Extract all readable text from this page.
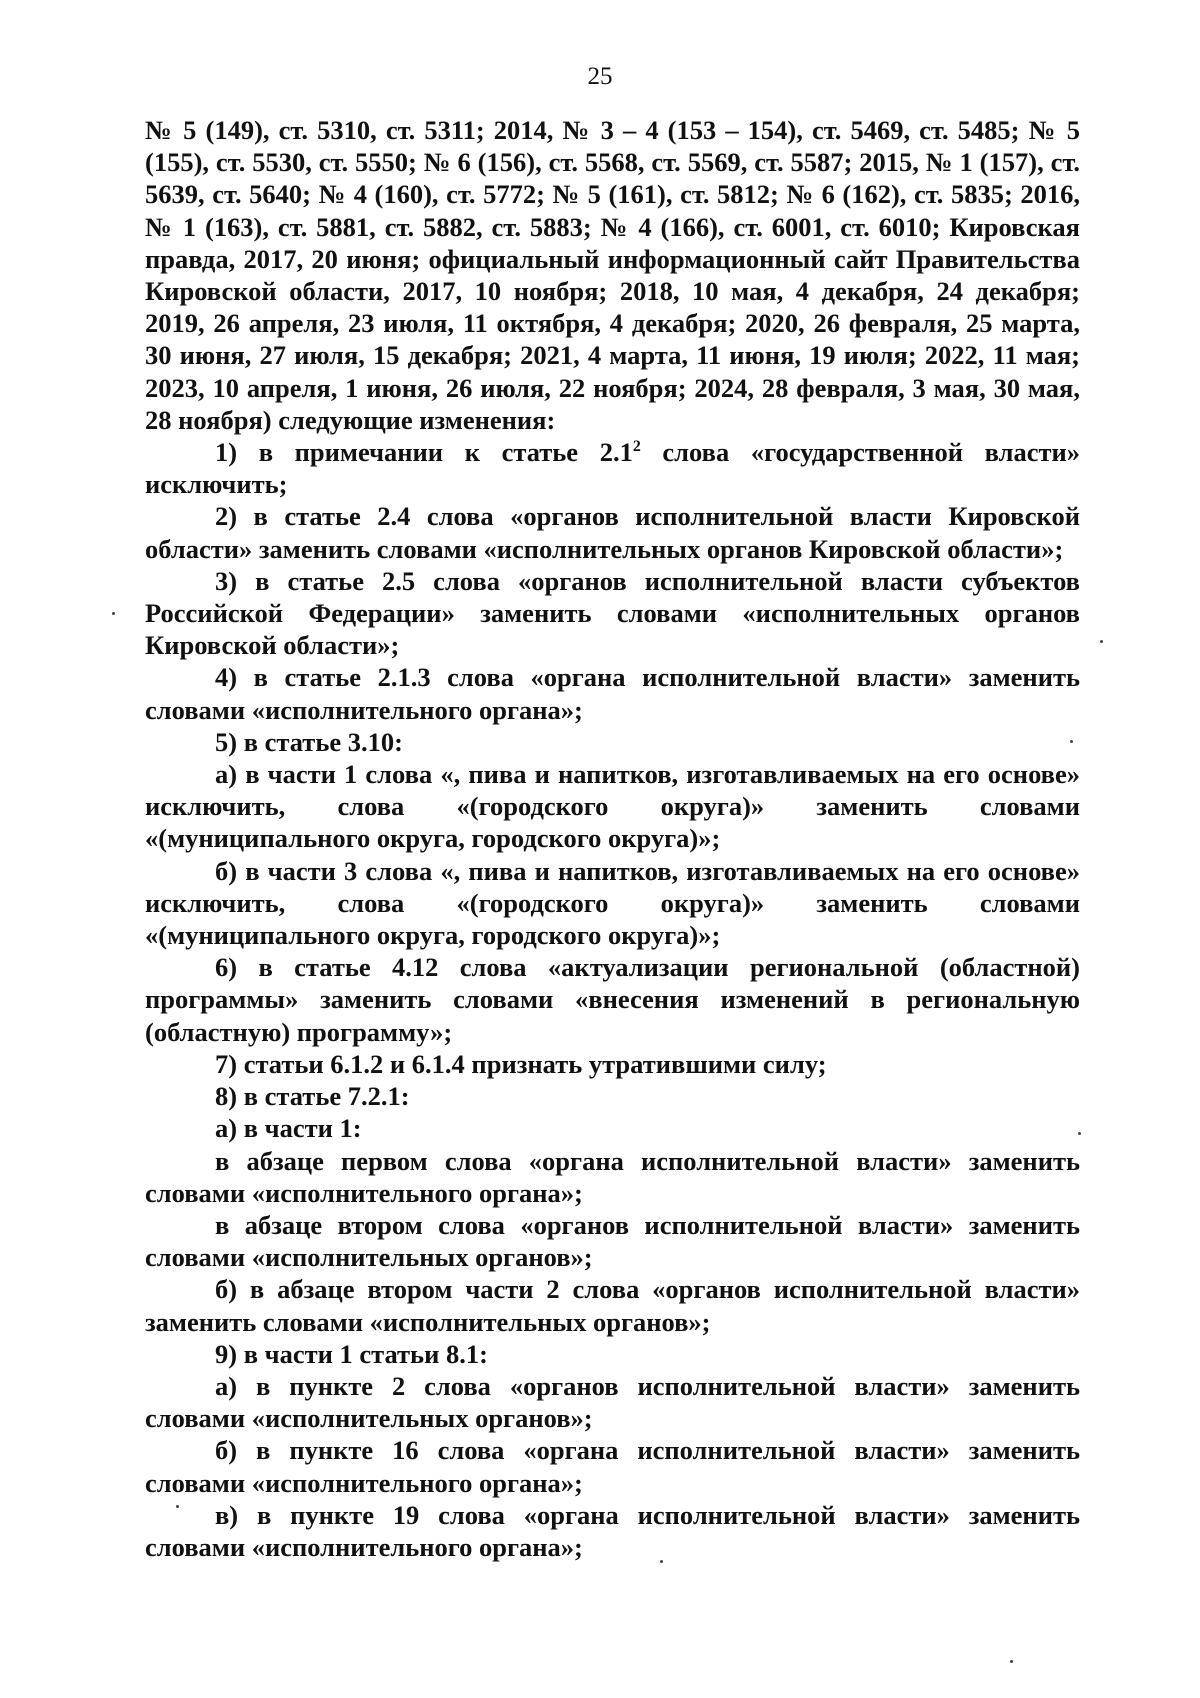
25

№ 5 (149), ст. 5310, ст. 5311; 2014, № 3 – 4 (153 – 154), ст. 5469, ст. 5485; № 5 (155), ст. 5530, ст. 5550; № 6 (156), ст. 5568, ст. 5569, ст. 5587; 2015, № 1 (157), ст. 5639, ст. 5640; № 4 (160), ст. 5772; № 5 (161), ст. 5812; № 6 (162), ст. 5835; 2016, № 1 (163), ст. 5881, ст. 5882, ст. 5883; № 4 (166), ст. 6001, ст. 6010; Кировская правда, 2017, 20 июня; официальный информационный сайт Правительства Кировской области, 2017, 10 ноября; 2018, 10 мая, 4 декабря, 24 декабря; 2019, 26 апреля, 23 июля, 11 октября, 4 декабря; 2020, 26 февраля, 25 марта, 30 июня, 27 июля, 15 декабря; 2021, 4 марта, 11 июня, 19 июля; 2022, 11 мая; 2023, 10 апреля, 1 июня, 26 июля, 22 ноября; 2024, 28 февраля, 3 мая, 30 мая, 28 ноября) следующие изменения:

1) в примечании к статье $2.1^2$ слова «государственной власти» исключить;

2) в статье 2.4 слова «органов исполнительной власти Кировской области» заменить словами «исполнительных органов Кировской области»;

3) в статье 2.5 слова «органов исполнительной власти субъектов Российской Федерации» заменить словами «исполнительных органов Кировской области»;

4) в статье 2.1.3 слова «органа исполнительной власти» заменить словами «исполнительного органа»;

5) в статье 3.10:

а) в части 1 слова «, пива и напитков, изготавливаемых на его основе» исключить, слова «(городского округа)» заменить словами «(муниципального округа, городского округа)»;

б) в части 3 слова «, пива и напитков, изготавливаемых на его основе» исключить, слова «(городского округа)» заменить словами «(муниципального округа, городского округа)»;

6) в статье 4.12 слова «актуализации региональной (областной) программы» заменить словами «внесения изменений в региональную (областную) программу»;

7) статьи 6.1.2 и 6.1.4 признать утратившими силу;

8) в статье 7.2.1:

а) в части 1:

в абзаце первом слова «органа исполнительной власти» заменить словами «исполнительного органа»;

в абзаце втором слова «органов исполнительной власти» заменить словами «исполнительных органов»;

б) в абзаце втором части 2 слова «органов исполнительной власти» заменить словами «исполнительных органов»;

9) в части 1 статьи 8.1:

а) в пункте 2 слова «органов исполнительной власти» заменить словами «исполнительных органов»;

б) в пункте 16 слова «органа исполнительной власти» заменить словами «исполнительного органа»;

в) в пункте 19 слова «органа исполнительной власти» заменить словами «исполнительного органа»;
